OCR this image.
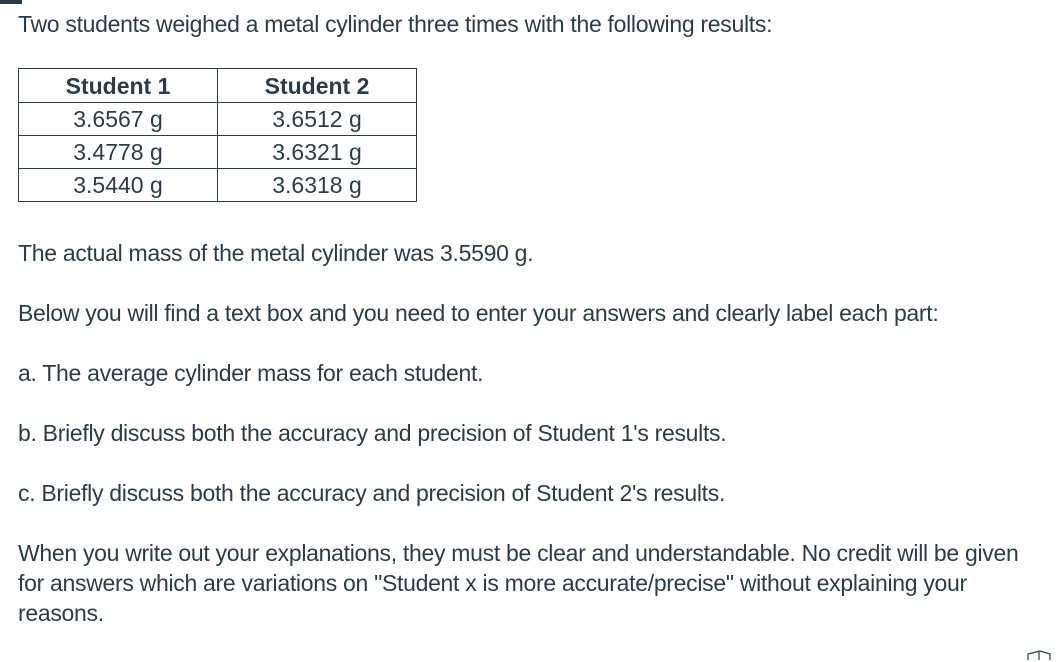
Two students weighed a metal cylinder three times with the following results:

Student 1	Student 2
3.6567 g	3.6512 g
3.4778 g	3.6321 g
3.5440 g	3.6318 g

The actual mass of the metal cylinder was 3.5590 g.

Below you will find a text box and you need to enter your answers and clearly label each part:

a. The average cylinder mass for each student.

b. Briefly discuss both the accuracy and precision of Student 1's results.

c. Briefly discuss both the accuracy and precision of Student 2's results.

When you write out your explanations, they must be clear and understandable. No credit will be given for answers which are variations on "Student x is more accurate/precise" without explaining your reasons.
